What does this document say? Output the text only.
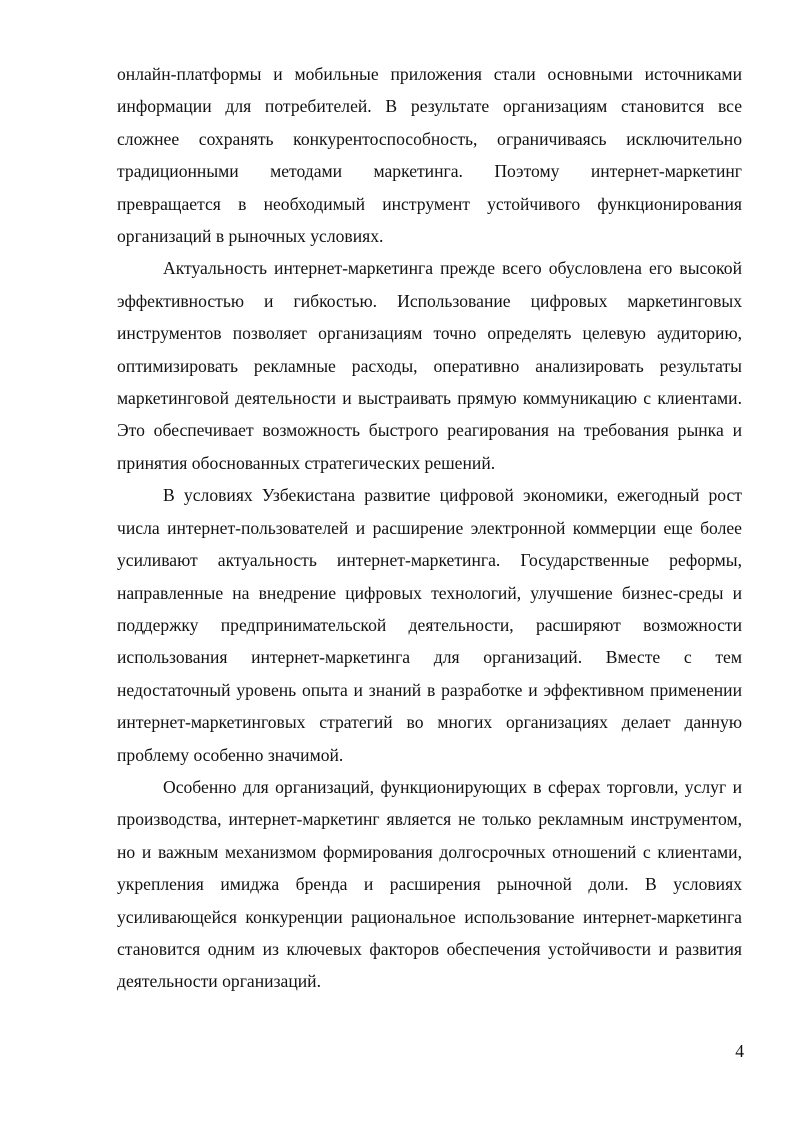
онлайн-платформы и мобильные приложения стали основными источниками информации для потребителей. В результате организациям становится все сложнее сохранять конкурентоспособность, ограничиваясь исключительно традиционными методами маркетинга. Поэтому интернет-маркетинг превращается в необходимый инструмент устойчивого функционирования организаций в рыночных условиях.

Актуальность интернет-маркетинга прежде всего обусловлена его высокой эффективностью и гибкостью. Использование цифровых маркетинговых инструментов позволяет организациям точно определять целевую аудиторию, оптимизировать рекламные расходы, оперативно анализировать результаты маркетинговой деятельности и выстраивать прямую коммуникацию с клиентами. Это обеспечивает возможность быстрого реагирования на требования рынка и принятия обоснованных стратегических решений.

В условиях Узбекистана развитие цифровой экономики, ежегодный рост числа интернет-пользователей и расширение электронной коммерции еще более усиливают актуальность интернет-маркетинга. Государственные реформы, направленные на внедрение цифровых технологий, улучшение бизнес-среды и поддержку предпринимательской деятельности, расширяют возможности использования интернет-маркетинга для организаций. Вместе с тем недостаточный уровень опыта и знаний в разработке и эффективном применении интернет-маркетинговых стратегий во многих организациях делает данную проблему особенно значимой.

Особенно для организаций, функционирующих в сферах торговли, услуг и производства, интернет-маркетинг является не только рекламным инструментом, но и важным механизмом формирования долгосрочных отношений с клиентами, укрепления имиджа бренда и расширения рыночной доли. В условиях усиливающейся конкуренции рациональное использование интернет-маркетинга становится одним из ключевых факторов обеспечения устойчивости и развития деятельности организаций.

4
